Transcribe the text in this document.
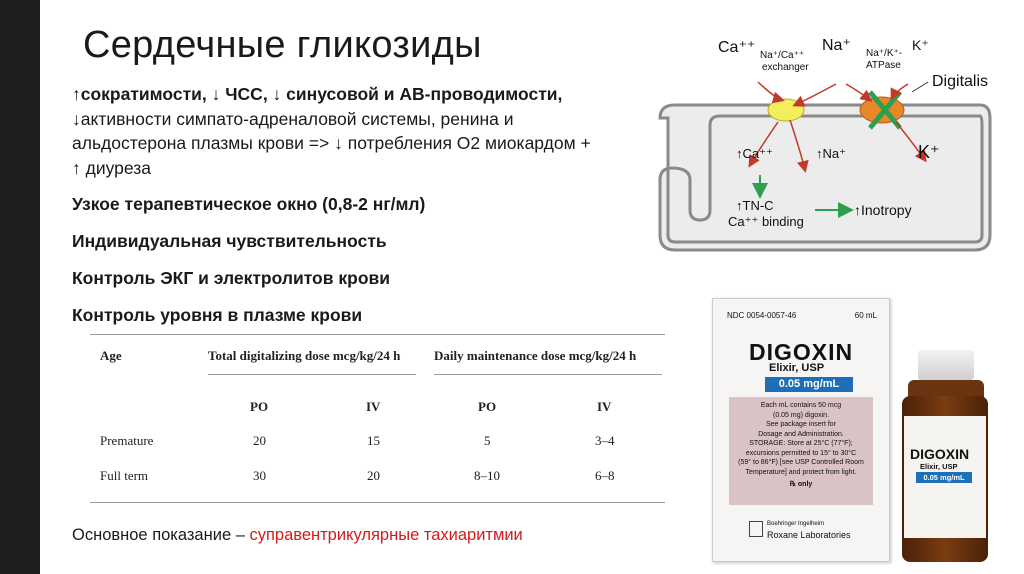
Сердечные гликозиды
↑сократимости, ↓ ЧСС, ↓ синусовой и АВ-проводимости,
↓активности симпато-адреналовой системы, ренина и
альдостерона плазмы крови => ↓ потребления О2 миокардом +
↑ диуреза
Узкое терапевтическое окно (0,8-2 нг/мл)
Индивидуальная чувствительность
Контроль ЭКГ и электролитов крови
Контроль уровня в плазме крови
Age	Total digitalizing dose mcg/kg/24 h	Daily maintenance dose mcg/kg/24 h
PO	IV	PO	IV
Premature	20	15	5	3–4
Full term	30	20	8–10	6–8
Основное показание – суправентрикулярные тахиаритмии
Ca⁺⁺ Na⁺/Ca⁺⁺
exchanger
Na⁺ Na⁺/K⁺-
ATPase
K⁺
Digitalis
↑Ca⁺⁺	↑Na⁺	K⁺
↑TN-C
Ca⁺⁺ binding
↑Inotropy
NDC 0054-0057-46	60 mL
DIGOXIN
Elixir, USP
0.05 mg/mL
Each mL contains 50 mcg
(0.05 mg) digoxin.
See package insert for
Dosage and Administration.
STORAGE: Store at 25°C (77°F);
excursions permitted to 15° to 30°C
(59° to 86°F) [see USP Controlled Room
Temperature] and protect from light.
℞ only
Boehringer Ingelheim
Roxane Laboratories
DIGOXIN
Elixir, USP
0.05 mg/mL
